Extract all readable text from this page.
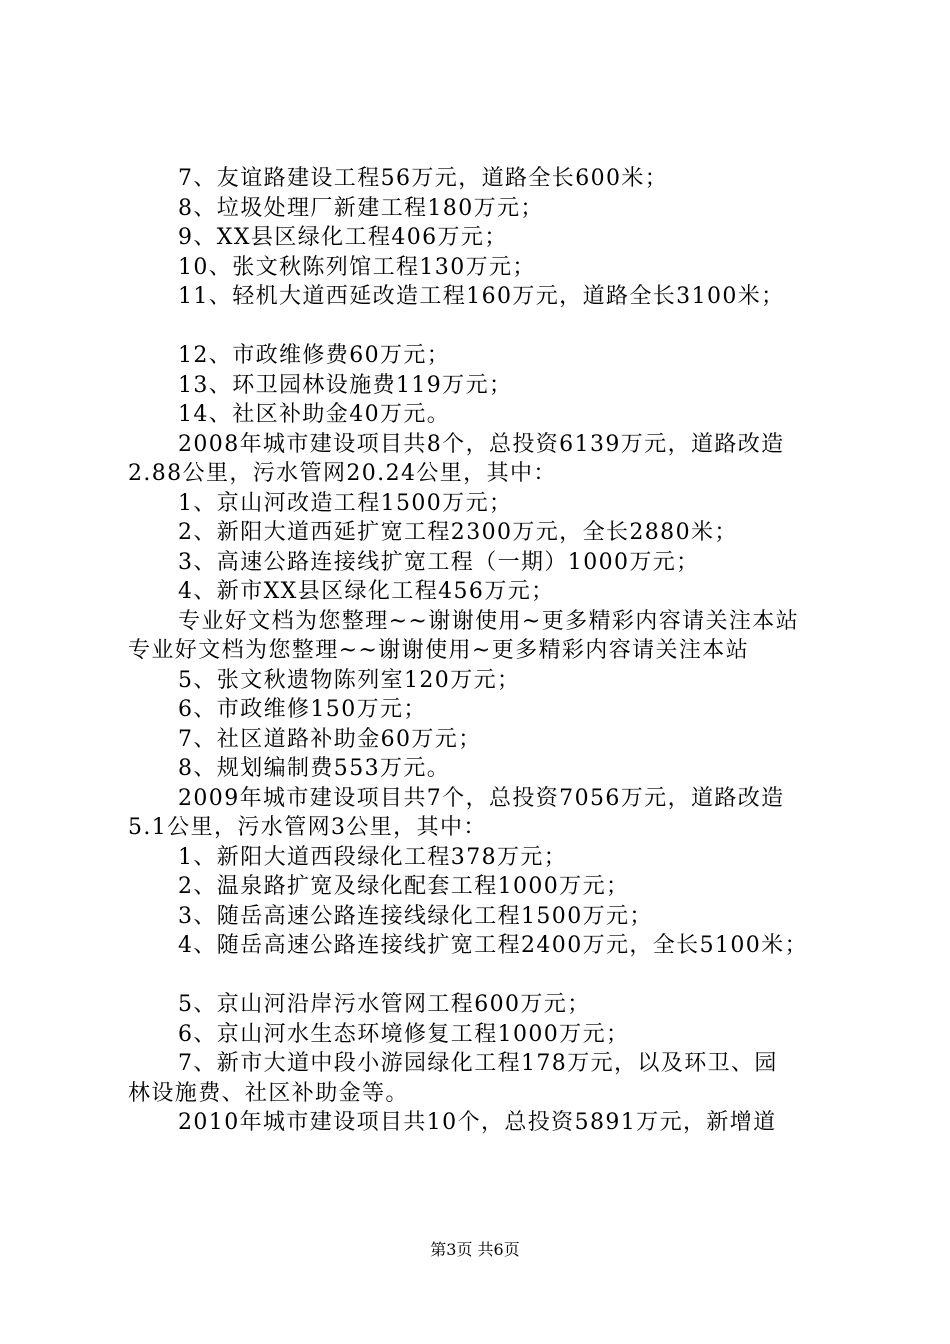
7、友谊路建设工程56万元，道路全长600米；
8、垃圾处理厂新建工程180万元；
9、XX县区绿化工程406万元；
10、张文秋陈列馆工程130万元；
11、轻机大道西延改造工程160万元，道路全长3100米；
12、市政维修费60万元；
13、环卫园林设施费119万元；
14、社区补助金40万元。
2008年城市建设项目共8个，总投资6139万元，道路改造
2.88公里，污水管网20.24公里，其中：
1、京山河改造工程1500万元；
2、新阳大道西延扩宽工程2300万元，全长2880米；
3、高速公路连接线扩宽工程（一期）1000万元；
4、新市XX县区绿化工程456万元；
专业好文档为您整理~~谢谢使用~更多精彩内容请关注本站
专业好文档为您整理~~谢谢使用~更多精彩内容请关注本站
5、张文秋遗物陈列室120万元；
6、市政维修150万元；
7、社区道路补助金60万元；
8、规划编制费553万元。
2009年城市建设项目共7个，总投资7056万元，道路改造
5.1公里，污水管网3公里，其中：
1、新阳大道西段绿化工程378万元；
2、温泉路扩宽及绿化配套工程1000万元；
3、随岳高速公路连接线绿化工程1500万元；
4、随岳高速公路连接线扩宽工程2400万元，全长5100米；
5、京山河沿岸污水管网工程600万元；
6、京山河水生态环境修复工程1000万元；
7、新市大道中段小游园绿化工程178万元，以及环卫、园
林设施费、社区补助金等。
2010年城市建设项目共10个，总投资5891万元，新增道
第3页 共6页
